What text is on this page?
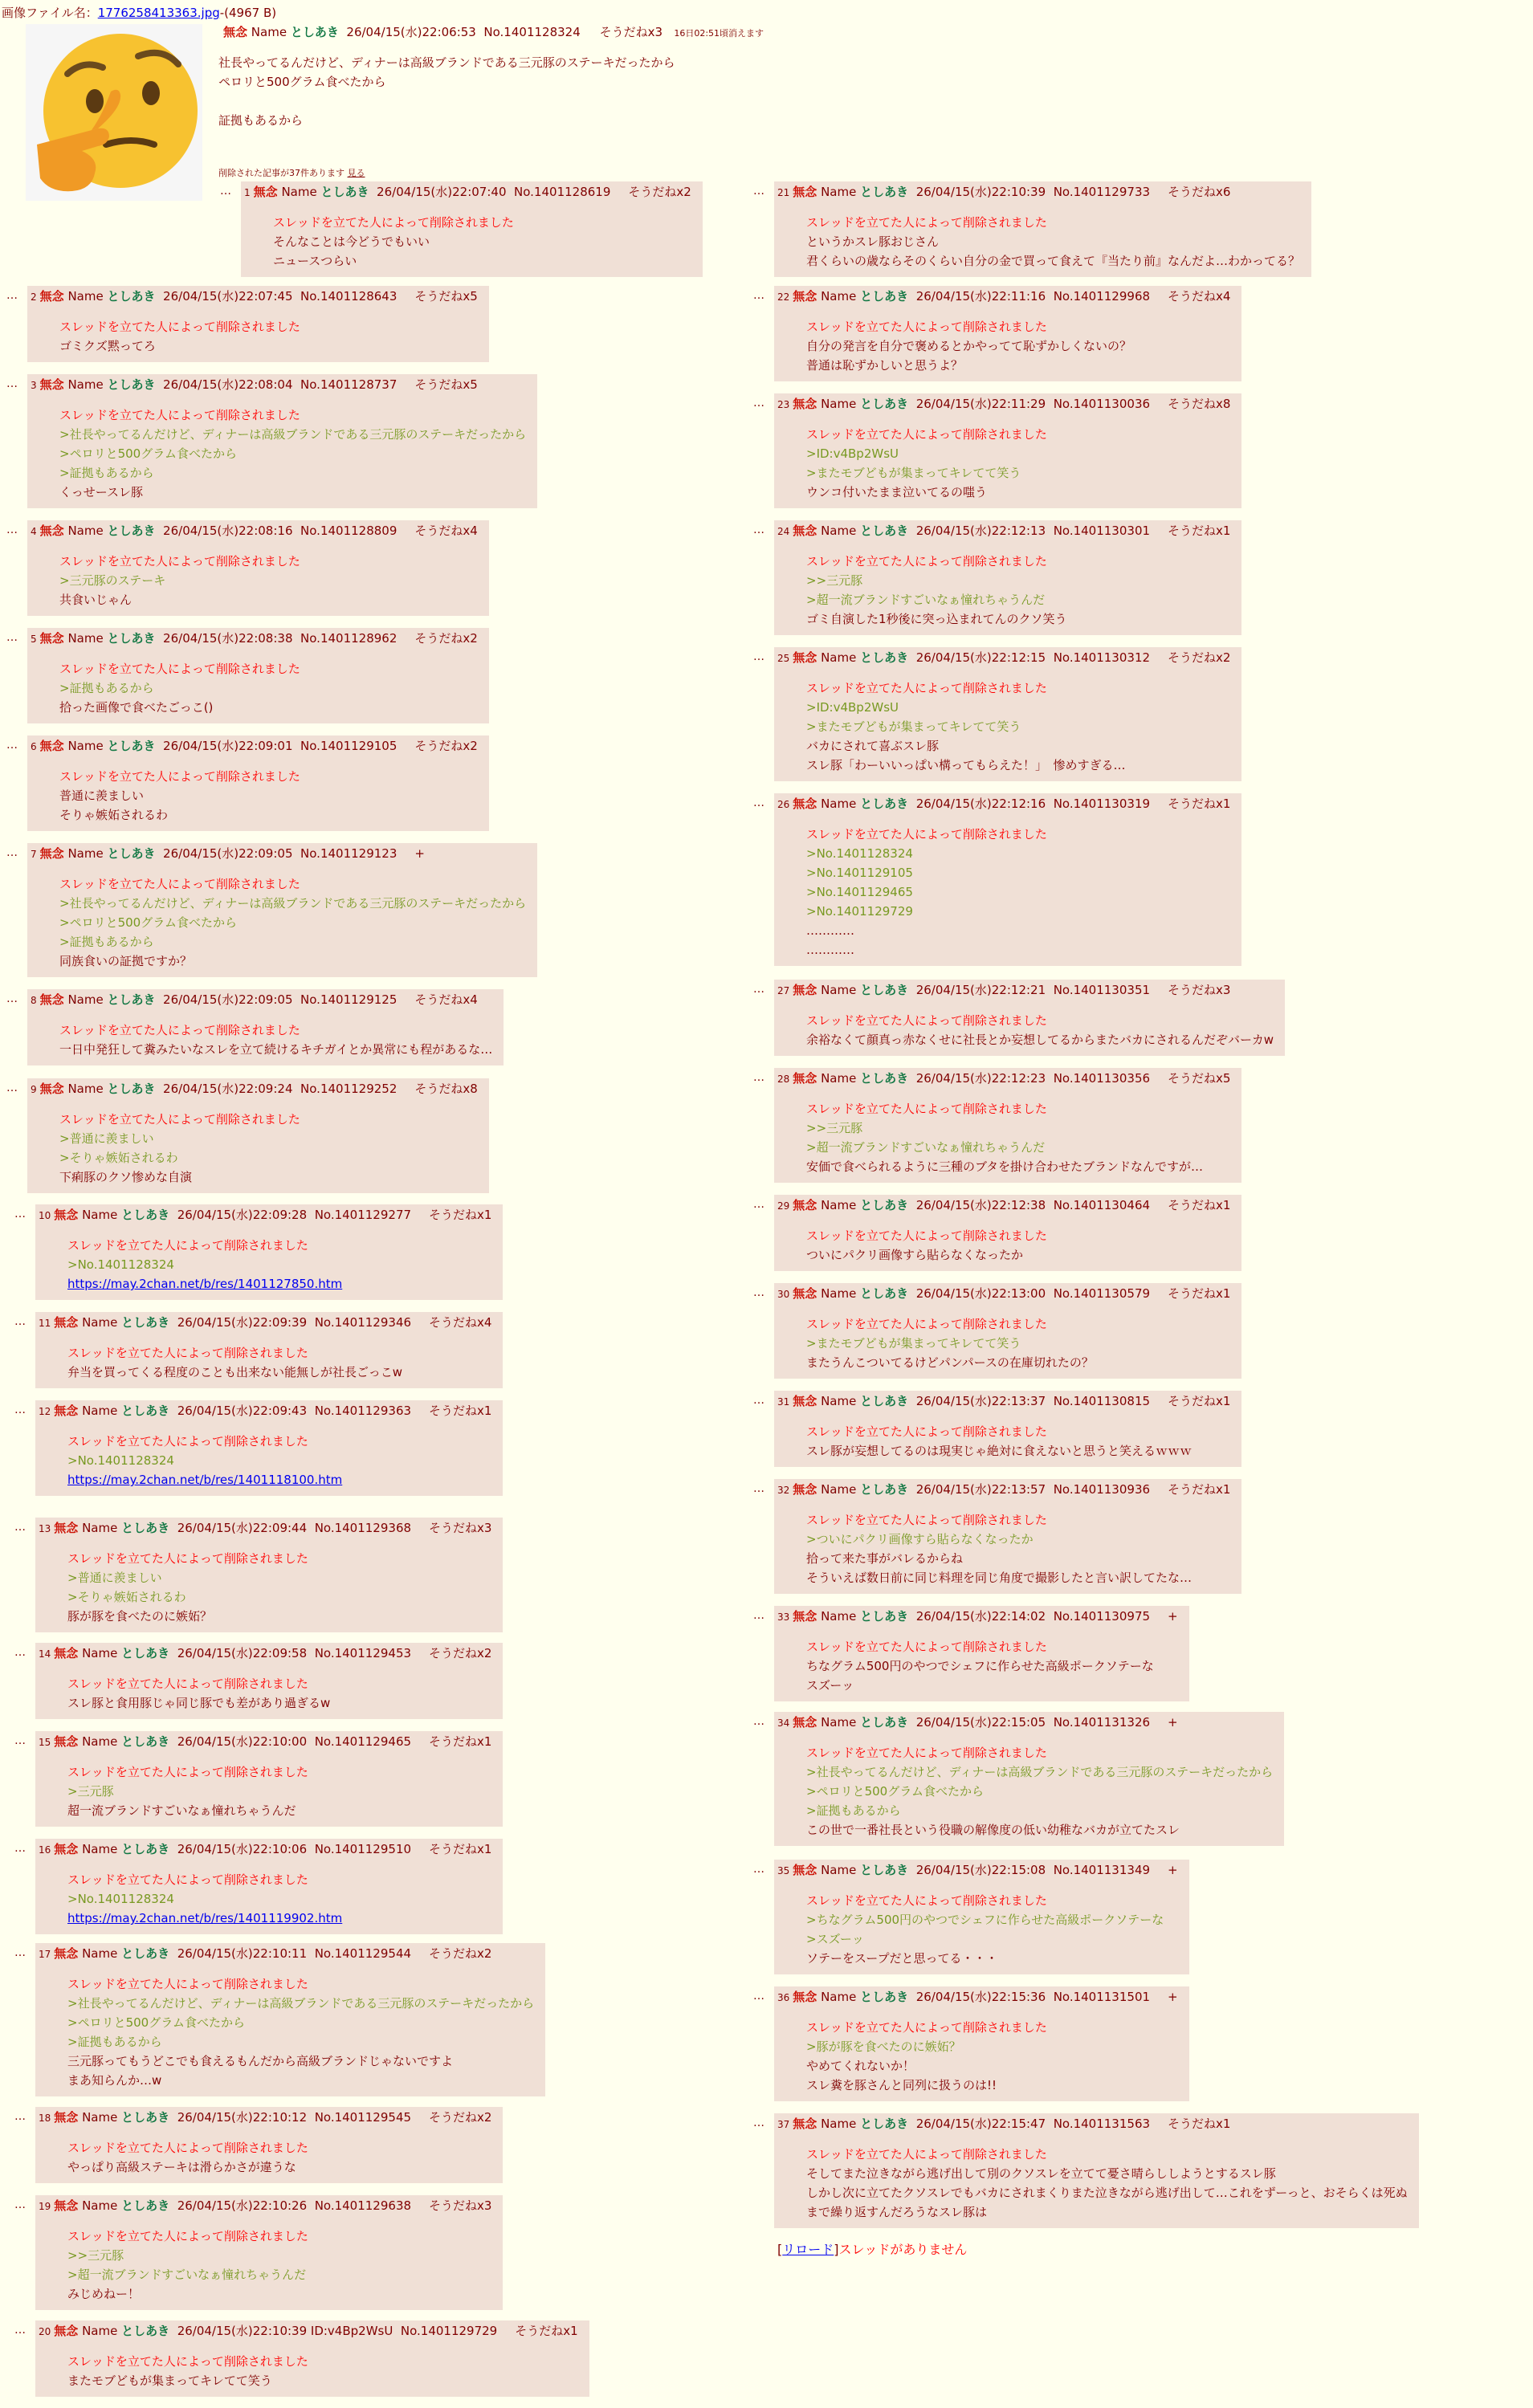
画像ファイル名：1776258413363.jpg-(4967 B)
無念 Name としあき 26/04/15(水)22:06:53 No.1401128324 そうだねx3 16日02:51頃消えます
社長やってるんだけど、ディナーは高級ブランドである三元豚のステーキだったから
ペロリと500グラム食べたから
証拠もあるから
削除された記事が37件あります 見る
… 1 無念 Name としあき 26/04/15(水)22:07:40 No.1401128619 そうだねx2
スレッドを立てた人によって削除されました
そんなことは今どうでもいい
ニュースつらい
… 2 無念 Name としあき 26/04/15(水)22:07:45 No.1401128643 そうだねx5
スレッドを立てた人によって削除されました
ゴミクズ黙ってろ
… 3 無念 Name としあき 26/04/15(水)22:08:04 No.1401128737 そうだねx5
スレッドを立てた人によって削除されました
>社長やってるんだけど、ディナーは高級ブランドである三元豚のステーキだったから
>ペロリと500グラム食べたから
>証拠もあるから
くっせースレ豚
… 4 無念 Name としあき 26/04/15(水)22:08:16 No.1401128809 そうだねx4
スレッドを立てた人によって削除されました
>三元豚のステーキ
共食いじゃん
… 5 無念 Name としあき 26/04/15(水)22:08:38 No.1401128962 そうだねx2
スレッドを立てた人によって削除されました
>証拠もあるから
拾った画像で食べたごっこ()
… 6 無念 Name としあき 26/04/15(水)22:09:01 No.1401129105 そうだねx2
スレッドを立てた人によって削除されました
普通に羨ましい
そりゃ嫉妬されるわ
… 7 無念 Name としあき 26/04/15(水)22:09:05 No.1401129123 +
スレッドを立てた人によって削除されました
>社長やってるんだけど、ディナーは高級ブランドである三元豚のステーキだったから
>ペロリと500グラム食べたから
>証拠もあるから
同族食いの証拠ですか？
… 8 無念 Name としあき 26/04/15(水)22:09:05 No.1401129125 そうだねx4
スレッドを立てた人によって削除されました
一日中発狂して糞みたいなスレを立て続けるキチガイとか異常にも程があるな…
… 9 無念 Name としあき 26/04/15(水)22:09:24 No.1401129252 そうだねx8
スレッドを立てた人によって削除されました
>普通に羨ましい
>そりゃ嫉妬されるわ
下痢豚のクソ惨めな自演
… 10 無念 Name としあき 26/04/15(水)22:09:28 No.1401129277 そうだねx1
スレッドを立てた人によって削除されました
>No.1401128324
https://may.2chan.net/b/res/1401127850.htm
… 11 無念 Name としあき 26/04/15(水)22:09:39 No.1401129346 そうだねx4
スレッドを立てた人によって削除されました
弁当を買ってくる程度のことも出来ない能無しが社長ごっこw
… 12 無念 Name としあき 26/04/15(水)22:09:43 No.1401129363 そうだねx1
スレッドを立てた人によって削除されました
>No.1401128324
https://may.2chan.net/b/res/1401118100.htm
… 13 無念 Name としあき 26/04/15(水)22:09:44 No.1401129368 そうだねx3
スレッドを立てた人によって削除されました
>普通に羨ましい
>そりゃ嫉妬されるわ
豚が豚を食べたのに嫉妬？
… 14 無念 Name としあき 26/04/15(水)22:09:58 No.1401129453 そうだねx2
スレッドを立てた人によって削除されました
スレ豚と食用豚じゃ同じ豚でも差があり過ぎるw
… 15 無念 Name としあき 26/04/15(水)22:10:00 No.1401129465 そうだねx1
スレッドを立てた人によって削除されました
>三元豚
超一流ブランドすごいなぁ憧れちゃうんだ
… 16 無念 Name としあき 26/04/15(水)22:10:06 No.1401129510 そうだねx1
スレッドを立てた人によって削除されました
>No.1401128324
https://may.2chan.net/b/res/1401119902.htm
… 17 無念 Name としあき 26/04/15(水)22:10:11 No.1401129544 そうだねx2
スレッドを立てた人によって削除されました
>社長やってるんだけど、ディナーは高級ブランドである三元豚のステーキだったから
>ペロリと500グラム食べたから
>証拠もあるから
三元豚ってもうどこでも食えるもんだから高級ブランドじゃないですよ
まあ知らんか…w
… 18 無念 Name としあき 26/04/15(水)22:10:12 No.1401129545 そうだねx2
スレッドを立てた人によって削除されました
やっぱり高級ステーキは滑らかさが違うな
… 19 無念 Name としあき 26/04/15(水)22:10:26 No.1401129638 そうだねx3
スレッドを立てた人によって削除されました
>>三元豚
>超一流ブランドすごいなぁ憧れちゃうんだ
みじめねー！
… 20 無念 Name としあき 26/04/15(水)22:10:39 ID:v4Bp2WsU No.1401129729 そうだねx1
スレッドを立てた人によって削除されました
またモブどもが集まってキレてて笑う
… 21 無念 Name としあき 26/04/15(水)22:10:39 No.1401129733 そうだねx6
スレッドを立てた人によって削除されました
というかスレ豚おじさん
君くらいの歳ならそのくらい自分の金で買って食えて『当たり前』なんだよ…わかってる？
… 22 無念 Name としあき 26/04/15(水)22:11:16 No.1401129968 そうだねx4
スレッドを立てた人によって削除されました
自分の発言を自分で褒めるとかやってて恥ずかしくないの？
普通は恥ずかしいと思うよ？
… 23 無念 Name としあき 26/04/15(水)22:11:29 No.1401130036 そうだねx8
スレッドを立てた人によって削除されました
>ID:v4Bp2WsU
>またモブどもが集まってキレてて笑う
ウンコ付いたまま泣いてるの嗤う
… 24 無念 Name としあき 26/04/15(水)22:12:13 No.1401130301 そうだねx1
スレッドを立てた人によって削除されました
>>三元豚
>超一流ブランドすごいなぁ憧れちゃうんだ
ゴミ自演した1秒後に突っ込まれてんのクソ笑う
… 25 無念 Name としあき 26/04/15(水)22:12:15 No.1401130312 そうだねx2
スレッドを立てた人によって削除されました
>ID:v4Bp2WsU
>またモブどもが集まってキレてて笑う
バカにされて喜ぶスレ豚
スレ豚「わーいいっぱい構ってもらえた！」　惨めすぎる…
… 26 無念 Name としあき 26/04/15(水)22:12:16 No.1401130319 そうだねx1
スレッドを立てた人によって削除されました
>No.1401128324
>No.1401129105
>No.1401129465
>No.1401129729
…………
…………
… 27 無念 Name としあき 26/04/15(水)22:12:21 No.1401130351 そうだねx3
スレッドを立てた人によって削除されました
余裕なくて顔真っ赤なくせに社長とか妄想してるからまたバカにされるんだぞバーカw
… 28 無念 Name としあき 26/04/15(水)22:12:23 No.1401130356 そうだねx5
スレッドを立てた人によって削除されました
>>三元豚
>超一流ブランドすごいなぁ憧れちゃうんだ
安価で食べられるように三種のブタを掛け合わせたブランドなんですが…
… 29 無念 Name としあき 26/04/15(水)22:12:38 No.1401130464 そうだねx1
スレッドを立てた人によって削除されました
ついにパクリ画像すら貼らなくなったか
… 30 無念 Name としあき 26/04/15(水)22:13:00 No.1401130579 そうだねx1
スレッドを立てた人によって削除されました
>またモブどもが集まってキレてて笑う
またうんこついてるけどパンパースの在庫切れたの？
… 31 無念 Name としあき 26/04/15(水)22:13:37 No.1401130815 そうだねx1
スレッドを立てた人によって削除されました
スレ豚が妄想してるのは現実じゃ絶対に食えないと思うと笑えるｗｗｗ
… 32 無念 Name としあき 26/04/15(水)22:13:57 No.1401130936 そうだねx1
スレッドを立てた人によって削除されました
>ついにパクリ画像すら貼らなくなったか
拾って来た事がバレるからね
そういえば数日前に同じ料理を同じ角度で撮影したと言い訳してたな…
… 33 無念 Name としあき 26/04/15(水)22:14:02 No.1401130975 +
スレッドを立てた人によって削除されました
ちなグラム500円のやつでシェフに作らせた高級ポークソテーな
スズーッ
… 34 無念 Name としあき 26/04/15(水)22:15:05 No.1401131326 +
スレッドを立てた人によって削除されました
>社長やってるんだけど、ディナーは高級ブランドである三元豚のステーキだったから
>ペロリと500グラム食べたから
>証拠もあるから
この世で一番社長という役職の解像度の低い幼稚なバカが立てたスレ
… 35 無念 Name としあき 26/04/15(水)22:15:08 No.1401131349 +
スレッドを立てた人によって削除されました
>ちなグラム500円のやつでシェフに作らせた高級ポークソテーな
>スズーッ
ソテーをスープだと思ってる・・・
… 36 無念 Name としあき 26/04/15(水)22:15:36 No.1401131501 +
スレッドを立てた人によって削除されました
>豚が豚を食べたのに嫉妬？
やめてくれないか！
スレ糞を豚さんと同列に扱うのは!!
… 37 無念 Name としあき 26/04/15(水)22:15:47 No.1401131563 そうだねx1
スレッドを立てた人によって削除されました
そしてまた泣きながら逃げ出して別のクソスレを立てて憂さ晴らししようとするスレ豚
しかし次に立てたクソスレでもバカにされまくりまた泣きながら逃げ出して…これをずーっと、おそらくは死ぬ
まで繰り返すんだろうなスレ豚は
[リロード]スレッドがありません
